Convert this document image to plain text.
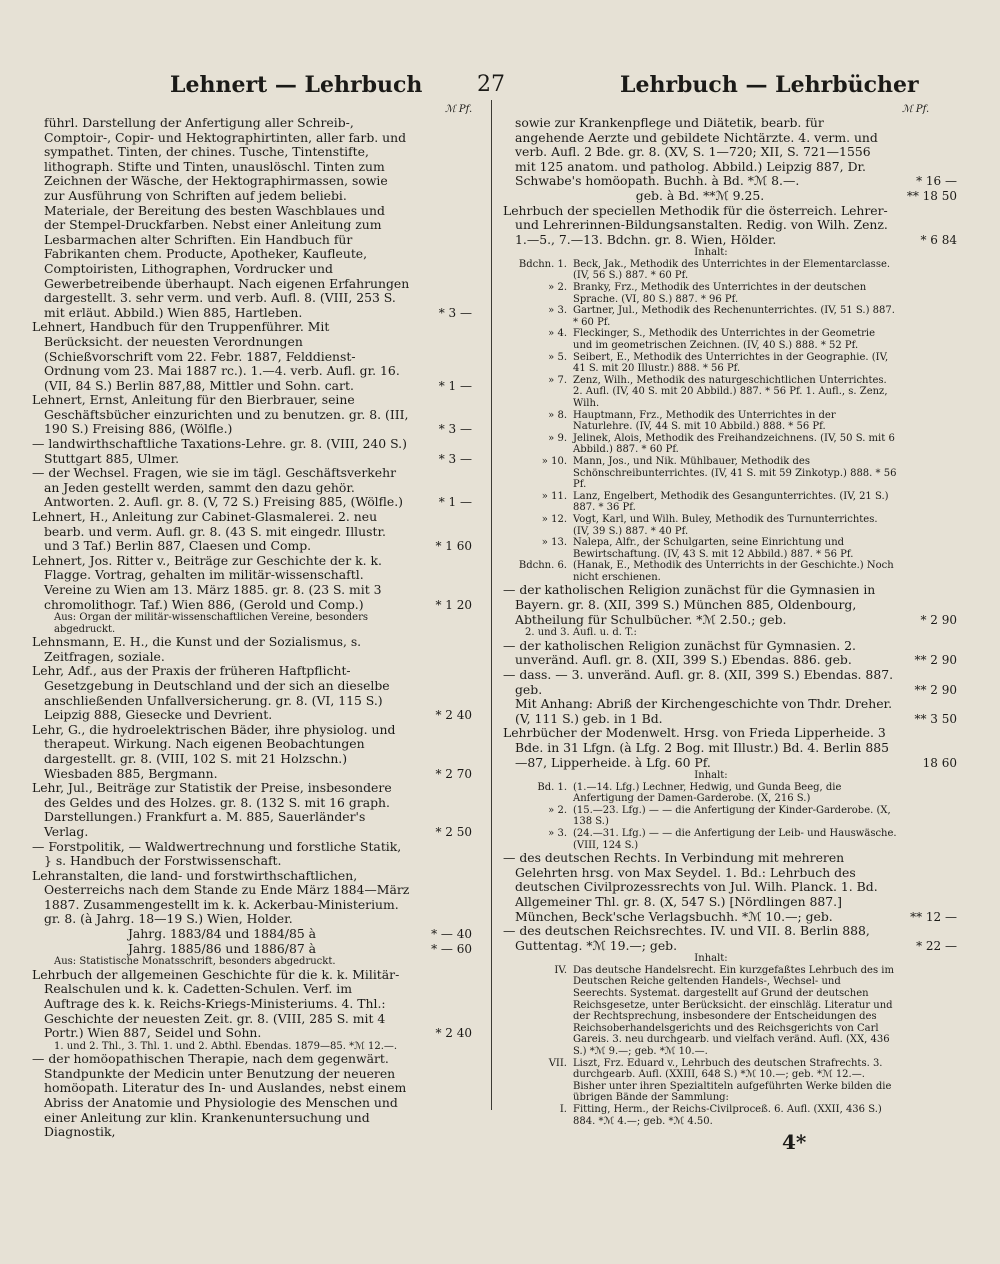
Lehnert — Lehrbuch 27	Lehrbuch — Lehrbücher
ℳ Pf.	ℳ Pf.

führl. Darstellung der Anfertigung aller Schreib-, Comptoir-, Copir- und Hektographirtinten, aller farb. und sympathet. Tinten, der chines. Tusche, Tintenstifte, lithograph. Stifte und Tinten, unauslöschl. Tinten zum Zeichnen der Wäsche, der Hektographirmassen, sowie zur Ausführung von Schriften auf jedem beliebi. Materiale, der Bereitung des besten Waschblaues und der Stempel-Druckfarben. Nebst einer Anleitung zum Lesbarmachen alter Schriften. Ein Handbuch für Fabrikanten chem. Producte, Apotheker, Kaufleute, Comptoiristen, Lithographen, Vordrucker und Gewerbetreibende überhaupt. Nach eigenen Erfahrungen dargestellt. 3. sehr verm. und verb. Aufl. 8. (VIII, 253 S. mit erläut. Abbild.) Wien 885, Hartleben.	* 3 —

Lehnert, Handbuch für den Truppenführer. Mit Berücksicht. der neuesten Verordnungen (Schießvorschrift vom 22. Febr. 1887, Felddienst-Ordnung vom 23. Mai 1887 rc.). 1.—4. verb. Aufl. gr. 16. (VII, 84 S.) Berlin 887,88, Mittler und Sohn. cart.	* 1 —

Lehnert, Ernst, Anleitung für den Bierbrauer, seine Geschäftsbücher einzurichten und zu benutzen. gr. 8. (III, 190 S.) Freising 886, (Wölfle.)	* 3 —

— landwirthschaftliche Taxations-Lehre. gr. 8. (VIII, 240 S.) Stuttgart 885, Ulmer.	* 3 —

— der Wechsel. Fragen, wie sie im tägl. Geschäftsverkehr an Jeden gestellt werden, sammt den dazu gehör. Antworten. 2. Aufl. gr. 8. (V, 72 S.) Freising 885, (Wölfle.)	* 1 —

Lehnert, H., Anleitung zur Cabinet-Glasmalerei. 2. neu bearb. und verm. Aufl. gr. 8. (43 S. mit eingedr. Illustr. und 3 Taf.) Berlin 887, Claesen und Comp.	* 1 60

Lehnert, Jos. Ritter v., Beiträge zur Geschichte der k. k. Flagge. Vortrag, gehalten im militär-wissenschaftl. Vereine zu Wien am 13. März 1885. gr. 8. (23 S. mit 3 chromolithogr. Taf.) Wien 886, (Gerold und Comp.)	* 1 20

Aus: Organ der militär-wissenschaftlichen Vereine, besonders abgedruckt.

Lehnsmann, E. H., die Kunst und der Sozialismus, s. Zeitfragen, soziale.

Lehr, Adf., aus der Praxis der früheren Haftpflicht-Gesetzgebung in Deutschland und der sich an dieselbe anschließenden Unfallversicherung. gr. 8. (VI, 115 S.) Leipzig 888, Giesecke und Devrient.	* 2 40

Lehr, G., die hydroelektrischen Bäder, ihre physiolog. und therapeut. Wirkung. Nach eigenen Beobachtungen dargestellt. gr. 8. (VIII, 102 S. mit 21 Holzschn.) Wiesbaden 885, Bergmann.	* 2 70

Lehr, Jul., Beiträge zur Statistik der Preise, insbesondere des Geldes und des Holzes. gr. 8. (132 S. mit 16 graph. Darstellungen.) Frankfurt a. M. 885, Sauerländer's Verlag.	* 2 50

— Forstpolitik, — Waldwertrechnung und forstliche Statik, } s. Handbuch der Forstwissenschaft.

Lehranstalten, die land- und forstwirthschaftlichen, Oesterreichs nach dem Stande zu Ende März 1884—März 1887. Zusammengestellt im k. k. Ackerbau-Ministerium. gr. 8. (à Jahrg. 18—19 S.) Wien, Holder.

Jahrg. 1883/84 und 1884/85 à	* — 40

Jahrg. 1885/86 und 1886/87 à	* — 60

Aus: Statistische Monatsschrift, besonders abgedruckt.

Lehrbuch der allgemeinen Geschichte für die k. k. Militär-Realschulen und k. k. Cadetten-Schulen. Verf. im Auftrage des k. k. Reichs-Kriegs-Ministeriums. 4. Thl.: Geschichte der neuesten Zeit. gr. 8. (VIII, 285 S. mit 4 Portr.) Wien 887, Seidel und Sohn.	* 2 40

1. und 2. Thl., 3. Thl. 1. und 2. Abthl. Ebendas. 1879—85. *ℳ 12.—.

— der homöopathischen Therapie, nach dem gegenwärt. Standpunkte der Medicin unter Benutzung der neueren homöopath. Literatur des In- und Auslandes, nebst einem Abriss der Anatomie und Physiologie des Menschen und einer Anleitung zur klin. Krankenuntersuchung und Diagnostik,

sowie zur Krankenpflege und Diätetik, bearb. für angehende Aerzte und gebildete Nichtärzte. 4. verm. und verb. Aufl. 2 Bde. gr. 8. (XV, S. 1—720; XII, S. 721—1556 mit 125 anatom. und patholog. Abbild.) Leipzig 887, Dr. Schwabe's homöopath. Buchh. à Bd. *ℳ 8.—.	* 16 —

geb. à Bd. **ℳ 9.25.	** 18 50

Lehrbuch der speciellen Methodik für die österreich. Lehrer- und Lehrerinnen-Bildungsanstalten. Redig. von Wilh. Zenz. 1.—5., 7.—13. Bdchn. gr. 8. Wien, Hölder.	* 6 84

Inhalt:
Bdchn. 1. Beck, Jak., Methodik des Unterrichtes in der Elementarclasse. (IV, 56 S.) 887. * 60 Pf.
» 2. Branky, Frz., Methodik des Unterrichtes in der deutschen Sprache. (VI, 80 S.) 887. * 96 Pf.
» 3. Gartner, Jul., Methodik des Rechenunterrichtes. (IV, 51 S.) 887. * 60 Pf.
» 4. Fleckinger, S., Methodik des Unterrichtes in der Geometrie und im geometrischen Zeichnen. (IV, 40 S.) 888. * 52 Pf.
» 5. Seibert, E., Methodik des Unterrichtes in der Geographie. (IV, 41 S. mit 20 Illustr.) 888. * 56 Pf.
» 7. Zenz, Wilh., Methodik des naturgeschichtlichen Unterrichtes. 2. Aufl. (IV, 40 S. mit 20 Abbild.) 887. * 56 Pf. 1. Aufl., s. Zenz, Wilh.
» 8. Hauptmann, Frz., Methodik des Unterrichtes in der Naturlehre. (IV, 44 S. mit 10 Abbild.) 888. * 56 Pf.
» 9. Jelinek, Alois, Methodik des Freihandzeichnens. (IV, 50 S. mit 6 Abbild.) 887. * 60 Pf.
» 10. Mann, Jos., und Nik. Mühlbauer, Methodik des Schönschreibunterrichtes. (IV, 41 S. mit 59 Zinkotyp.) 888. * 56 Pf.
» 11. Lanz, Engelbert, Methodik des Gesangunterrichtes. (IV, 21 S.) 887. * 36 Pf.
» 12. Vogt, Karl, und Wilh. Buley, Methodik des Turnunterrichtes. (IV, 39 S.) 887. * 40 Pf.
» 13. Nalepa, Alfr., der Schulgarten, seine Einrichtung und Bewirtschaftung. (IV, 43 S. mit 12 Abbild.) 887. * 56 Pf.
Bdchn. 6. (Hanak, E., Methodik des Unterrichts in der Geschichte.) Noch nicht erschienen.

— der katholischen Religion zunächst für die Gymnasien in Bayern. gr. 8. (XII, 399 S.) München 885, Oldenbourg, Abtheilung für Schulbücher. *ℳ 2.50.; geb.	* 2 90

2. und 3. Aufl. u. d. T.:

— der katholischen Religion zunächst für Gymnasien. 2. unveränd. Aufl. gr. 8. (XII, 399 S.) Ebendas. 886. geb.	** 2 90

— dass. — 3. unveränd. Aufl. gr. 8. (XII, 399 S.) Ebendas. 887. geb.	** 2 90

Mit Anhang: Abriß der Kirchengeschichte von Thdr. Dreher. (V, 111 S.) geb. in 1 Bd.	** 3 50

Lehrbücher der Modenwelt. Hrsg. von Frieda Lipperheide. 3 Bde. in 31 Lfgn. (à Lfg. 2 Bog. mit Illustr.) Bd. 4. Berlin 885—87, Lipperheide. à Lfg. 60 Pf.	18 60

Inhalt:
Bd. 1. (1.—14. Lfg.) Lechner, Hedwig, und Gunda Beeg, die Anfertigung der Damen-Garderobe. (X, 216 S.)
» 2. (15.—23. Lfg.) — — die Anfertigung der Kinder-Garderobe. (X, 138 S.)
» 3. (24.—31. Lfg.) — — die Anfertigung der Leib- und Hauswäsche. (VIII, 124 S.)

— des deutschen Rechts. In Verbindung mit mehreren Gelehrten hrsg. von Max Seydel. 1. Bd.: Lehrbuch des deutschen Civilprozessrechts von Jul. Wilh. Planck. 1. Bd. Allgemeiner Thl. gr. 8. (X, 547 S.) [Nördlingen 887.] München, Beck'sche Verlagsbuchh. *ℳ 10.—; geb.	** 12 —

— des deutschen Reichsrechtes. IV. und VII. 8. Berlin 888, Guttentag. *ℳ 19.—; geb.	* 22 —

Inhalt:
IV. Das deutsche Handelsrecht. Ein kurzgefaßtes Lehrbuch des im Deutschen Reiche geltenden Handels-, Wechsel- und Seerechts. Systemat. dargestellt auf Grund der deutschen Reichsgesetze, unter Berücksicht. der einschläg. Literatur und der Rechtsprechung, insbesondere der Entscheidungen des Reichsoberhandelsgerichts und des Reichsgerichts von Carl Gareis. 3. neu durchgearb. und vielfach veränd. Aufl. (XX, 436 S.) *ℳ 9.—; geb. *ℳ 10.—.
VII. Liszt, Frz. Eduard v., Lehrbuch des deutschen Strafrechts. 3. durchgearb. Aufl. (XXIII, 648 S.) *ℳ 10.—; geb. *ℳ 12.—.
Bisher unter ihren Spezialtiteln aufgeführten Werke bilden die übrigen Bände der Sammlung:
I. Fitting, Herm., der Reichs-Civilproceß. 6. Aufl. (XXII, 436 S.) 884. *ℳ 4.—; geb. *ℳ 4.50.
4*
